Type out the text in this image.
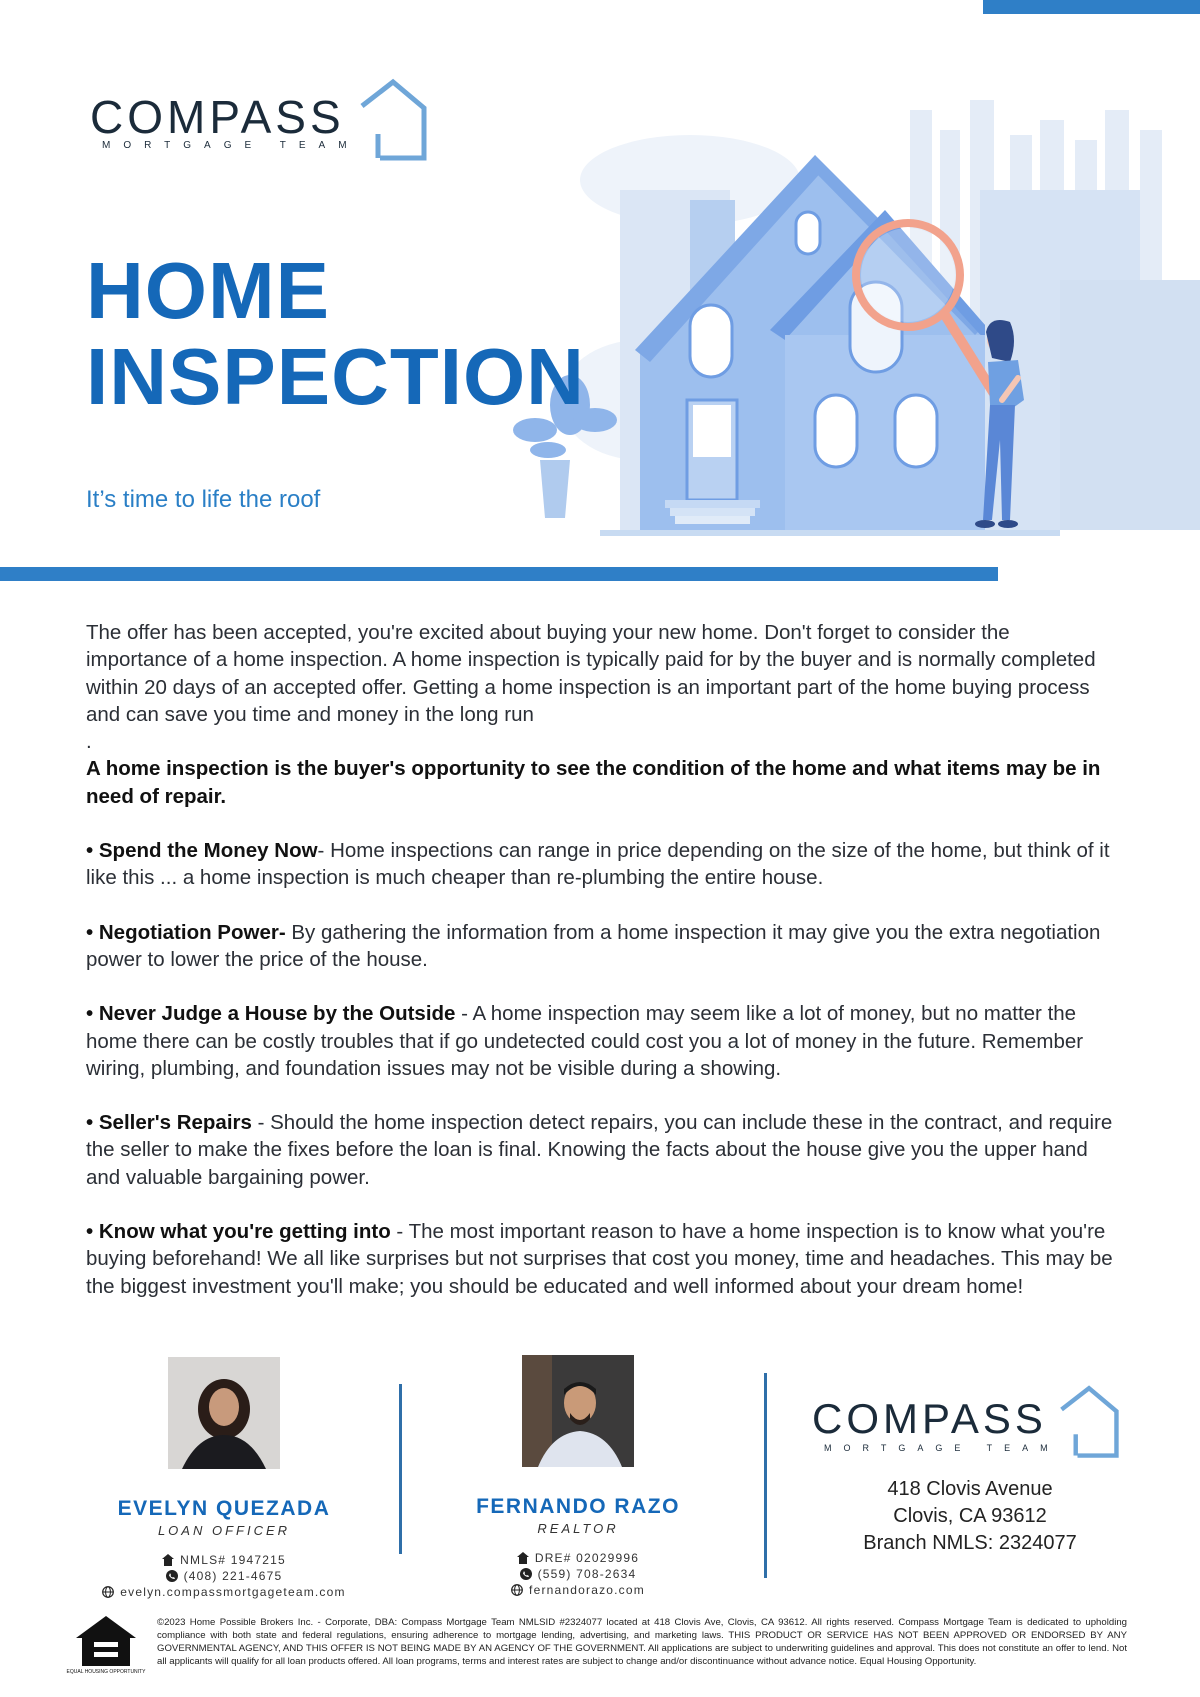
COMPASS
MORTGAGE TEAM
HOME
INSPECTION
It’s time to life the roof

The offer has been accepted, you're excited about buying your new home. Don't forget to consider the importance of a home inspection. A home inspection is typically paid for by the buyer and is normally completed within 20 days of an accepted offer. Getting a home inspection is an important part of the home buying process and can save you time and money in the long run

.

A home inspection is the buyer's opportunity to see the condition of the home and what items may be in need of repair.

• Spend the Money Now- Home inspections can range in price depending on the size of the home, but think of it like this ... a home inspection is much cheaper than re-plumbing the entire house.

• Negotiation Power- By gathering the information from a home inspection it may give you the extra negotiation power to lower the price of the house.

• Never Judge a House by the Outside - A home inspection may seem like a lot of money, but no matter the home there can be costly troubles that if go undetected could cost you a lot of money in the future. Remember wiring, plumbing, and foundation issues may not be visible during a showing.

• Seller's Repairs - Should the home inspection detect repairs, you can include these in the contract, and require the seller to make the fixes before the loan is final. Knowing the facts about the house give you the upper hand and valuable bargaining power.

• Know what you're getting into - The most important reason to have a home inspection is to know what you're buying beforehand! We all like surprises but not surprises that cost you money, time and headaches. This may be the biggest investment you'll make; you should be educated and well informed about your dream home!

EVELYN QUEZADA
LOAN OFFICER
NMLS# 1947215
(408) 221-4675
evelyn.compassmortgageteam.com
FERNANDO RAZO
REALTOR
DRE# 02029996
(559) 708-2634
fernandorazo.com
COMPASS
MORTGAGE TEAM
418 Clovis Avenue
Clovis, CA 93612
Branch NMLS: 2324077
EQUAL HOUSING OPPORTUNITY
©2023 Home Possible Brokers Inc. - Corporate, DBA: Compass Mortgage Team NMLSID #2324077 located at 418 Clovis Ave, Clovis, CA 93612. All rights reserved. Compass Mortgage Team is dedicated to upholding compliance with both state and federal regulations, ensuring adherence to mortgage lending, advertising, and marketing laws. THIS PRODUCT OR SERVICE HAS NOT BEEN APPROVED OR ENDORSED BY ANY GOVERNMENTAL AGENCY, AND THIS OFFER IS NOT BEING MADE BY AN AGENCY OF THE GOVERNMENT. All applications are subject to underwriting guidelines and approval. This does not constitute an offer to lend. Not all applicants will qualify for all loan products offered. All loan programs, terms and interest rates are subject to change and/or discontinuance without advance notice. Equal Housing Opportunity.
